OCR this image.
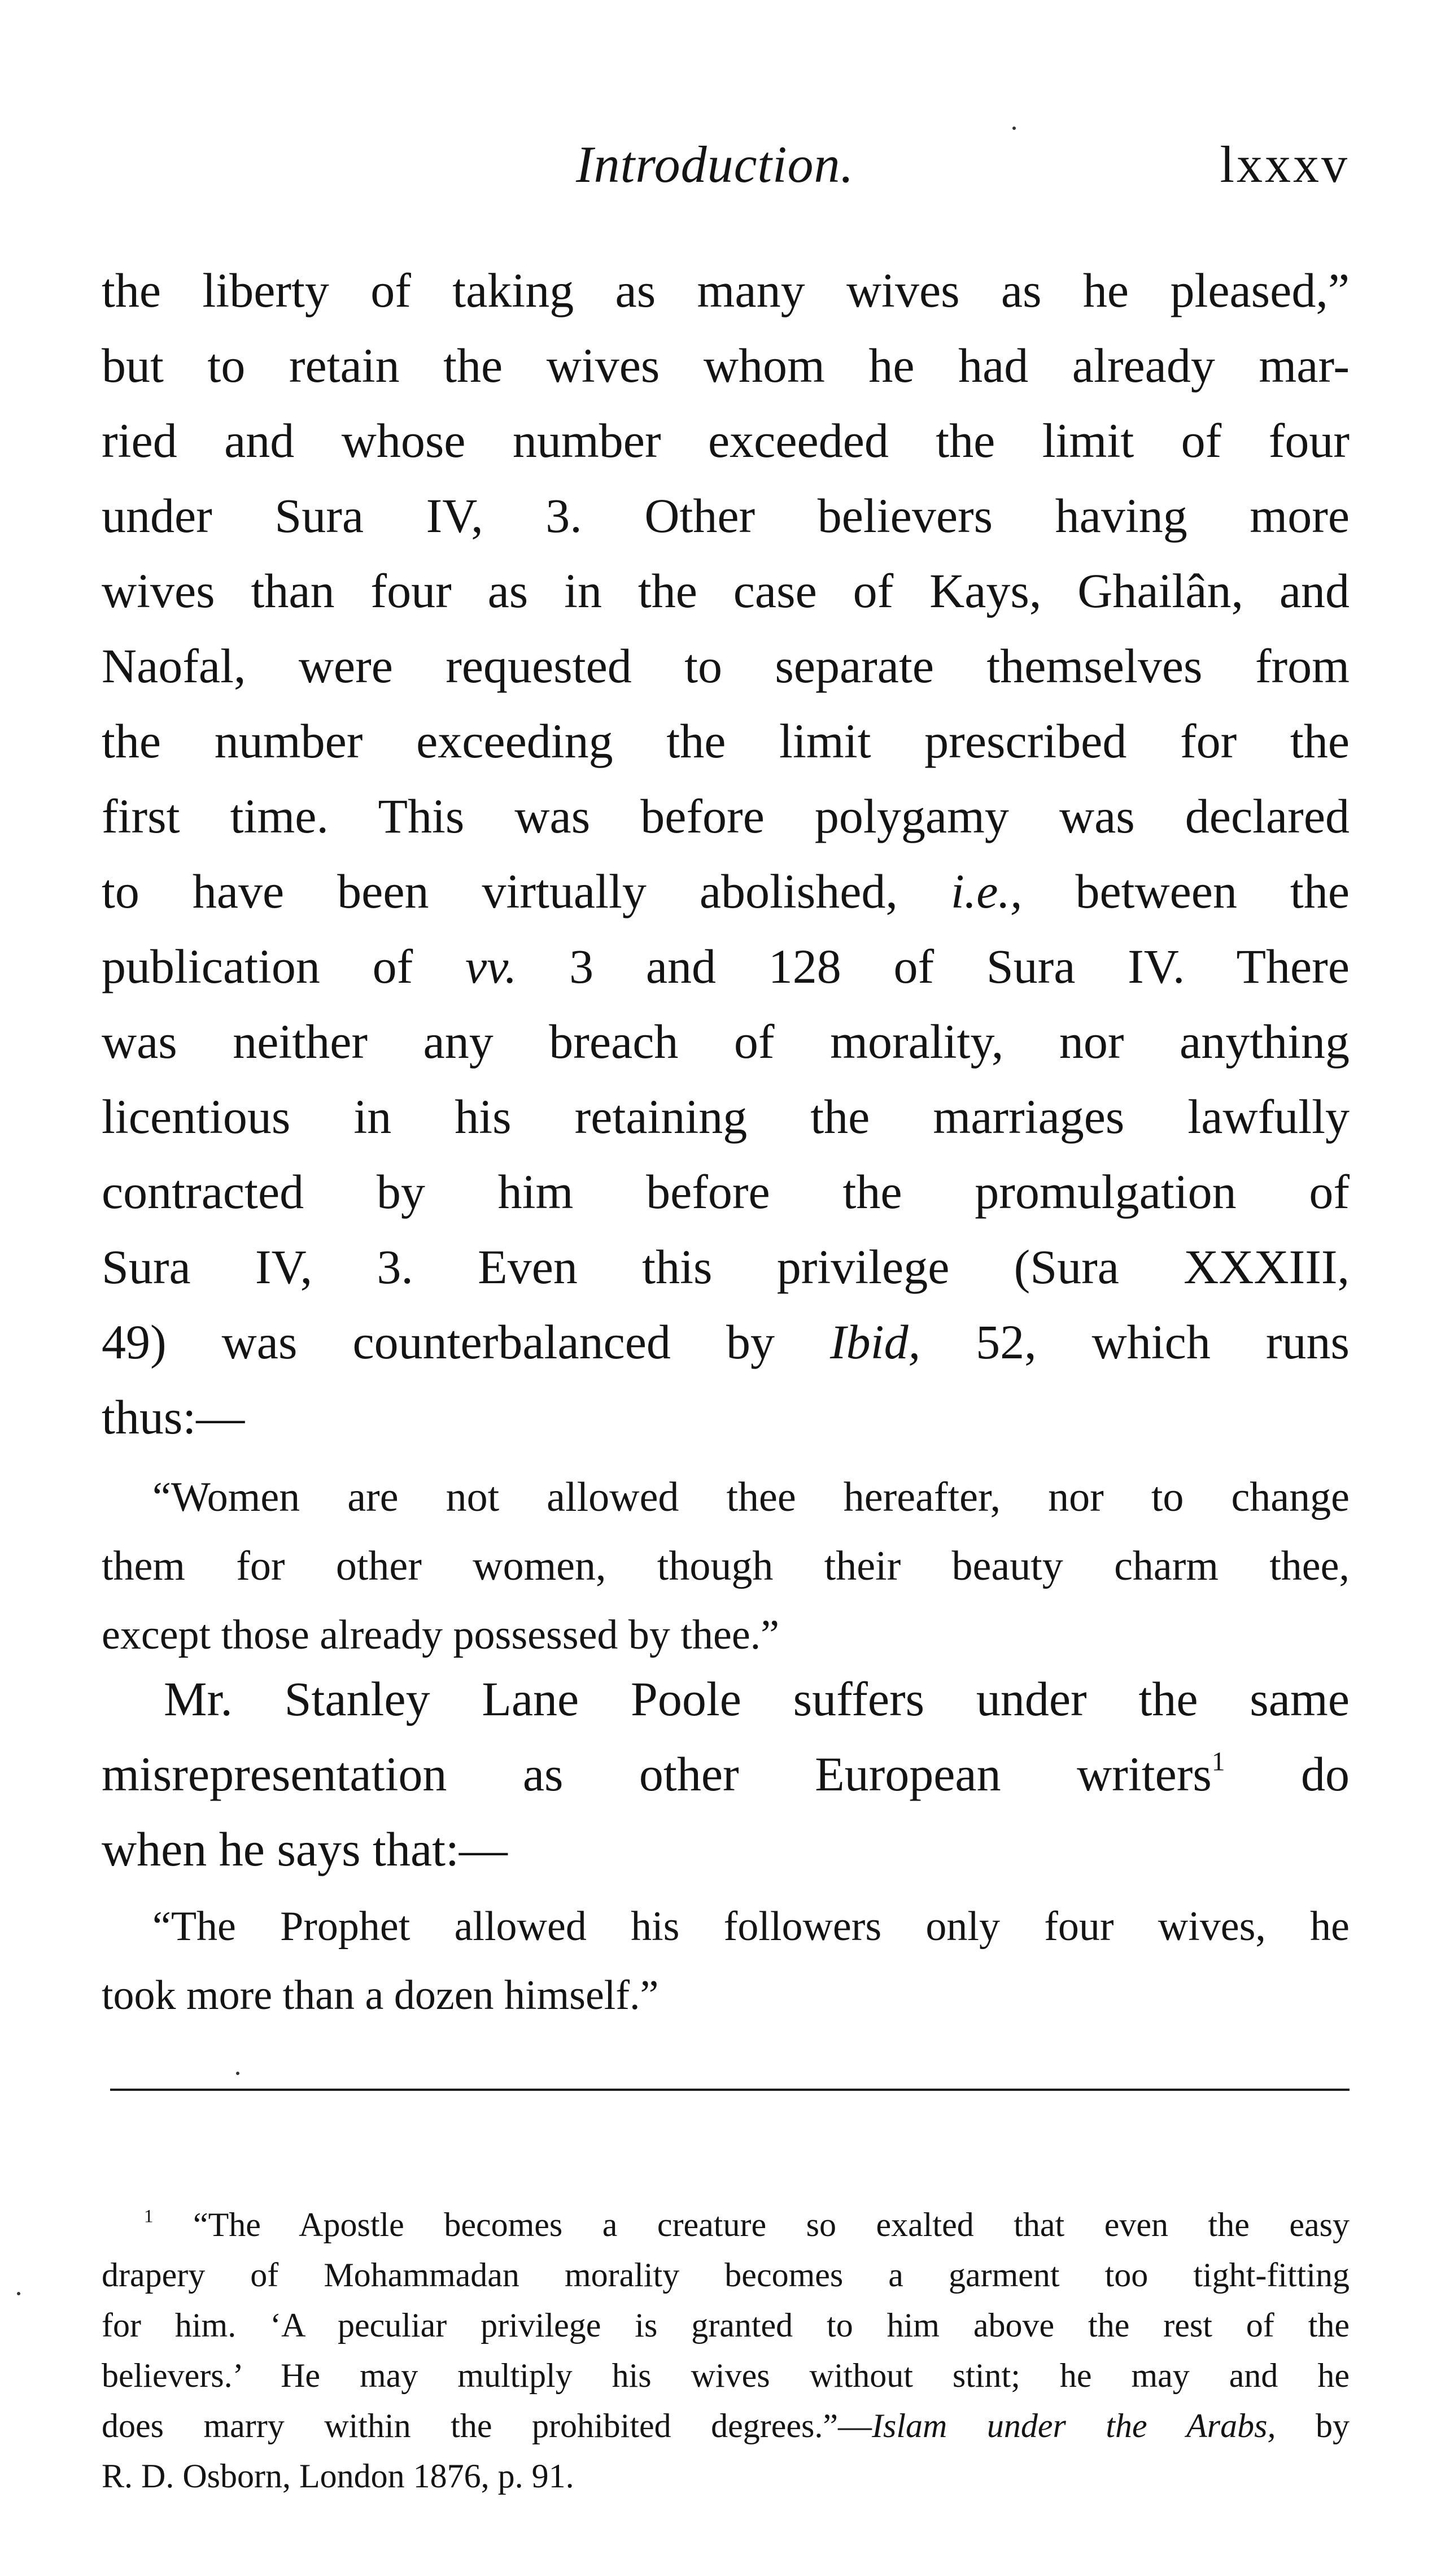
Introduction.	lxxxv
the liberty of taking as many wives as he pleased,”
but to retain the wives whom he had already mar-
ried and whose number exceeded the limit of four
under Sura IV, 3. Other believers having more
wives than four as in the case of Kays, Ghailân, and
Naofal, were requested to separate themselves from
the number exceeding the limit prescribed for the
first time. This was before polygamy was declared
to have been virtually abolished, i.e., between the
publication of vv. 3 and 128 of Sura IV. There
was neither any breach of morality, nor anything
licentious in his retaining the marriages lawfully
contracted by him before the promulgation of
Sura IV, 3. Even this privilege (Sura XXXIII,
49) was counterbalanced by Ibid, 52, which runs
thus:—
“Women are not allowed thee hereafter, nor to change
them for other women, though their beauty charm thee,
except those already possessed by thee.”
Mr. Stanley Lane Poole suffers under the same
misrepresentation as other European writers$^1$ do
when he says that:—
“The Prophet allowed his followers only four wives, he
took more than a dozen himself.”
$^1$ “The Apostle becomes a creature so exalted that even the easy
drapery of Mohammadan morality becomes a garment too tight-fitting
for him. ‘A peculiar privilege is granted to him above the rest of the
believers.’ He may multiply his wives without stint; he may and he
does marry within the prohibited degrees.”—Islam under the Arabs, by
R. D. Osborn, London 1876, p. 91.
